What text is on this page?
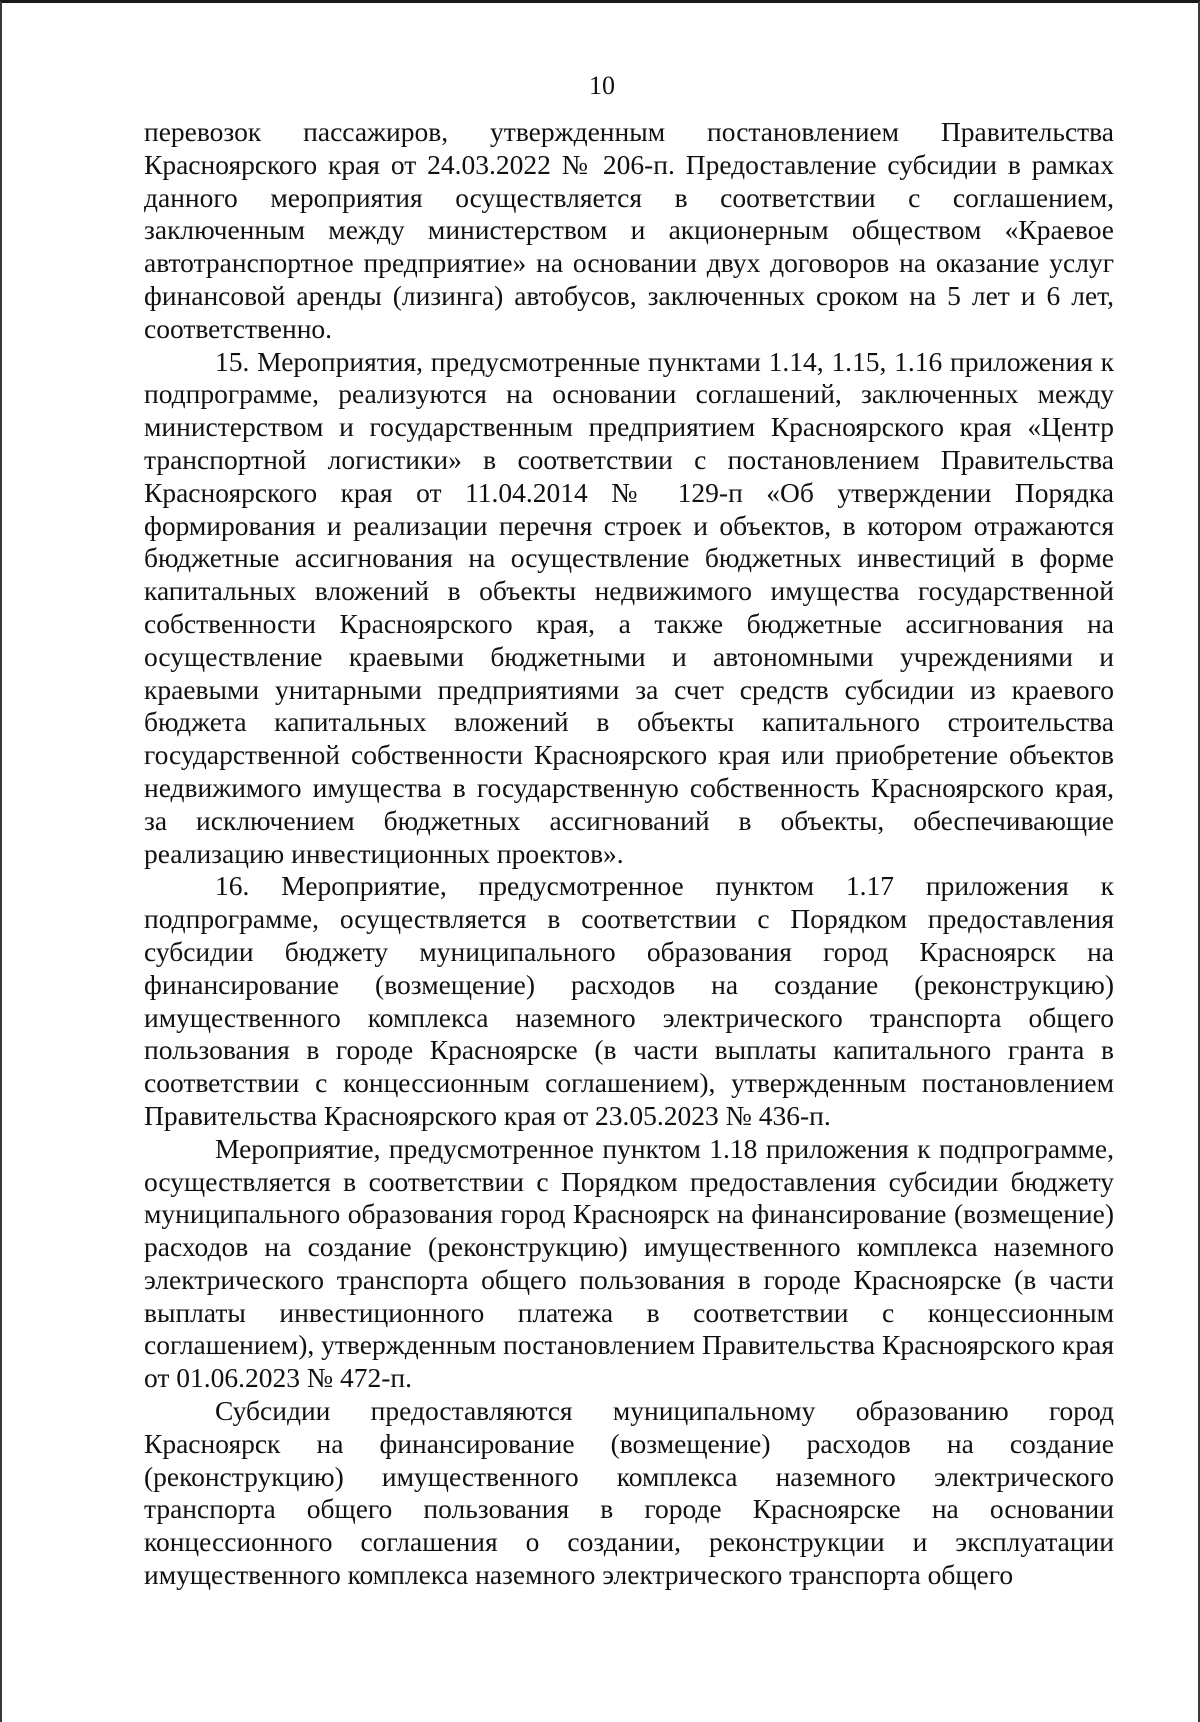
10

перевозок пассажиров, утвержденным постановлением Правительства Красноярского края от 24.03.2022 № 206-п. Предоставление субсидии в рамках данного мероприятия осуществляется в соответствии с соглашением, заключенным между министерством и акционерным обществом «Краевое автотранспортное предприятие» на основании двух договоров на оказание услуг финансовой аренды (лизинга) автобусов, заключенных сроком на 5 лет и 6 лет, соответственно.

15. Мероприятия, предусмотренные пунктами 1.14, 1.15, 1.16 приложения к подпрограмме, реализуются на основании соглашений, заключенных между министерством и государственным предприятием Красноярского края «Центр транспортной логистики» в соответствии с постановлением Правительства Красноярского края от 11.04.2014 № 129-п «Об утверждении Порядка формирования и реализации перечня строек и объектов, в котором отражаются бюджетные ассигнования на осуществление бюджетных инвестиций в форме капитальных вложений в объекты недвижимого имущества государственной собственности Красноярского края, а также бюджетные ассигнования на осуществление краевыми бюджетными и автономными учреждениями и краевыми унитарными предприятиями за счет средств субсидии из краевого бюджета капитальных вложений в объекты капитального строительства государственной собственности Красноярского края или приобретение объектов недвижимого имущества в государственную собственность Красноярского края, за исключением бюджетных ассигнований в объекты, обеспечивающие реализацию инвестиционных проектов».

16. Мероприятие, предусмотренное пунктом 1.17 приложения к подпрограмме, осуществляется в соответствии с Порядком предоставления субсидии бюджету муниципального образования город Красноярск на финансирование (возмещение) расходов на создание (реконструкцию) имущественного комплекса наземного электрического транспорта общего пользования в городе Красноярске (в части выплаты капитального гранта в соответствии с концессионным соглашением), утвержденным постановлением Правительства Красноярского края от 23.05.2023 № 436-п.

Мероприятие, предусмотренное пунктом 1.18 приложения к подпрограмме, осуществляется в соответствии с Порядком предоставления субсидии бюджету муниципального образования город Красноярск на финансирование (возмещение) расходов на создание (реконструкцию) имущественного комплекса наземного электрического транспорта общего пользования в городе Красноярске (в части выплаты инвестиционного платежа в соответствии с концессионным соглашением), утвержденным постановлением Правительства Красноярского края от 01.06.2023 № 472-п.

Субсидии предоставляются муниципальному образованию город Красноярск на финансирование (возмещение) расходов на создание (реконструкцию) имущественного комплекса наземного электрического транспорта общего пользования в городе Красноярске на основании концессионного соглашения о создании, реконструкции и эксплуатации имущественного комплекса наземного электрического транспорта общего
